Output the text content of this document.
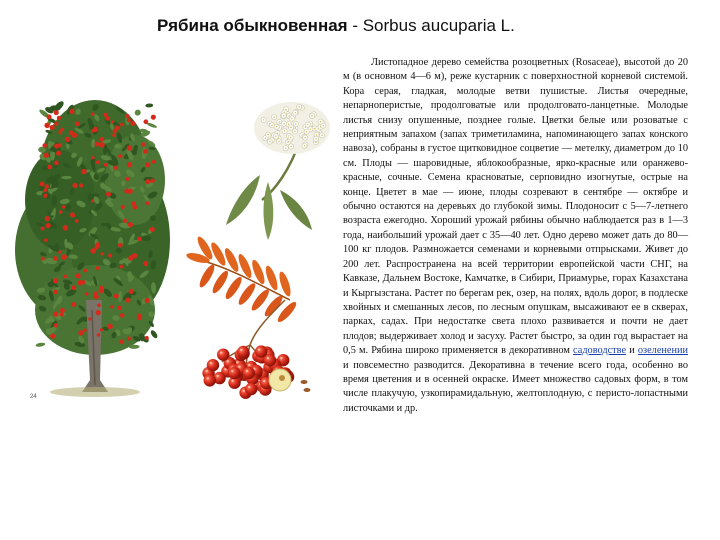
Рябина обыкновенная - Sorbus aucuparia L.
24

Листопадное дерево семейства розоцветных (Rosaceae), высотой до 20 м (в основном 4—6 м), реже кустарник с поверхностной корневой системой. Кора серая, гладкая, молодые ветви пушистые. Листья очередные, непарноперистые, продолговатые или продолговато-ланцетные. Молодые листья снизу опушенные, позднее голые. Цветки белые или розоватые с неприятным запахом (запах триметиламина, напоминающего запах конского навоза), собраны в густое щитковидное соцветие — метелку, диаметром до 10 см. Плоды — шаровидные, яблокообразные, ярко-красные или оранжево-красные, сочные. Семена красноватые, серповидно изогнутые, острые на конце. Цветет в мае — июне, плоды созревают в сентябре — октябре и обычно остаются на деревьях до глубокой зимы. Плодоносит с 5—7-летнего возраста ежегодно. Хороший урожай рябины обычно наблюдается раз в 1—3 года, наибольший урожай дает с 35—40 лет. Одно дерево может дать до 80—100 кг плодов. Размножается семенами и корневыми отпрысками. Живет до 200 лет. Распространена на всей территории европейской части СНГ, на Кавказе, Дальнем Востоке, Камчатке, в Сибири, Приамурье, горах Казахстана и Кыргызстана. Растет по берегам рек, озер, на полях, вдоль дорог, в подлеске хвойных и смешанных лесов, по лесным опушкам, высаживают ее в скверах, парках, садах. При недостатке света плохо развивается и почти не дает плодов; выдерживает холод и засуху. Растет быстро, за один год вырастает на 0,5 м. Рябина широко применяется в декоративном садоводстве и озеленении и повсеместно разводится. Декоративна в течение всего года, особенно во время цветения и в осенней окраске. Имеет множество садовых форм, в том числе плакучую, узкопирамидальную, желтоплодную, с перисто-лопастными листочками и др.
